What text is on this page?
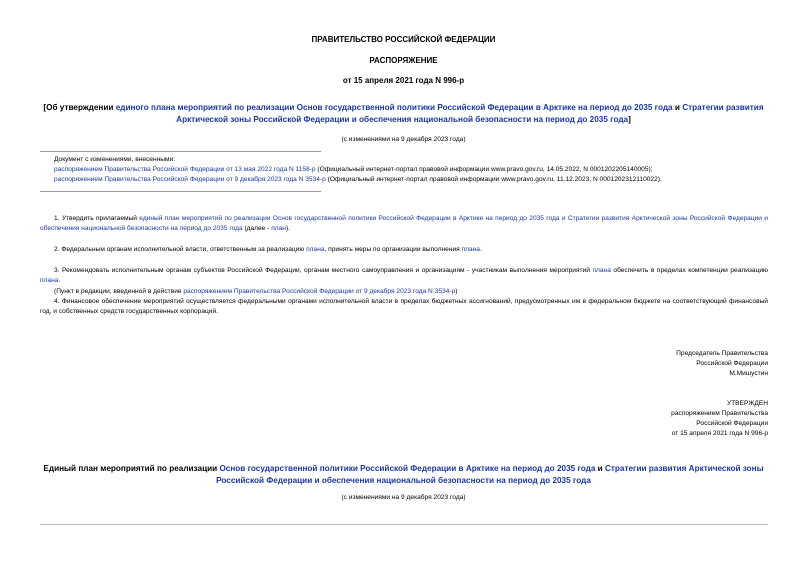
ПРАВИТЕЛЬСТВО РОССИЙСКОЙ ФЕДЕРАЦИИ
РАСПОРЯЖЕНИЕ
от 15 апреля 2021 года N 996-р
[Об утверждении единого плана мероприятий по реализации Основ государственной политики Российской Федерации в Арктике на период до 2035 года и Стратегии развития Арктической зоны Российской Федерации и обеспечения национальной безопасности на период до 2035 года]
(с изменениями на 9 декабря 2023 года)
Документ с изменениями, внесенными:
распоряжением Правительства Российской Федерации от 13 мая 2022 года N 1158-р (Официальный интернет-портал правовой информации www.pravo.gov.ru, 14.05.2022, N 0001202205140005);
распоряжением Правительства Российской Федерации от 9 декабря 2023 года N 3534-р (Официальный интернет-портал правовой информации www.pravo.gov.ru, 11.12.2023, N 0001202312110022).
1. Утвердить прилагаемый единый план мероприятий по реализации Основ государственной политики Российской Федерации в Арктике на период до 2035 года и Стратегии развития Арктической зоны Российской Федерации и обеспечения национальной безопасности на период до 2035 года (далее - план).
2. Федеральным органам исполнительной власти, ответственным за реализацию плана, принять меры по организации выполнения плана.
3. Рекомендовать исполнительным органам субъектов Российской Федерации, органам местного самоуправления и организациям - участникам выполнения мероприятий плана обеспечить в пределах компетенции реализацию плана.
(Пункт в редакции, введенной в действие распоряжением Правительства Российской Федерации от 9 декабря 2023 года N 3534-р)
4. Финансовое обеспечение мероприятий осуществляется федеральными органами исполнительной власти в пределах бюджетных ассигнований, предусмотренных им в федеральном бюджете на соответствующий финансовый год, и собственных средств государственных корпораций.
Председатель Правительства
Российской Федерации
М.Мишустин
УТВЕРЖДЕН
распоряжением Правительства
Российской Федерации
от 15 апреля 2021 года N 996-р
Единый план мероприятий по реализации Основ государственной политики Российской Федерации в Арктике на период до 2035 года и Стратегии развития Арктической зоны Российской Федерации и обеспечения национальной безопасности на период до 2035 года
(с изменениями на 9 декабря 2023 года)
